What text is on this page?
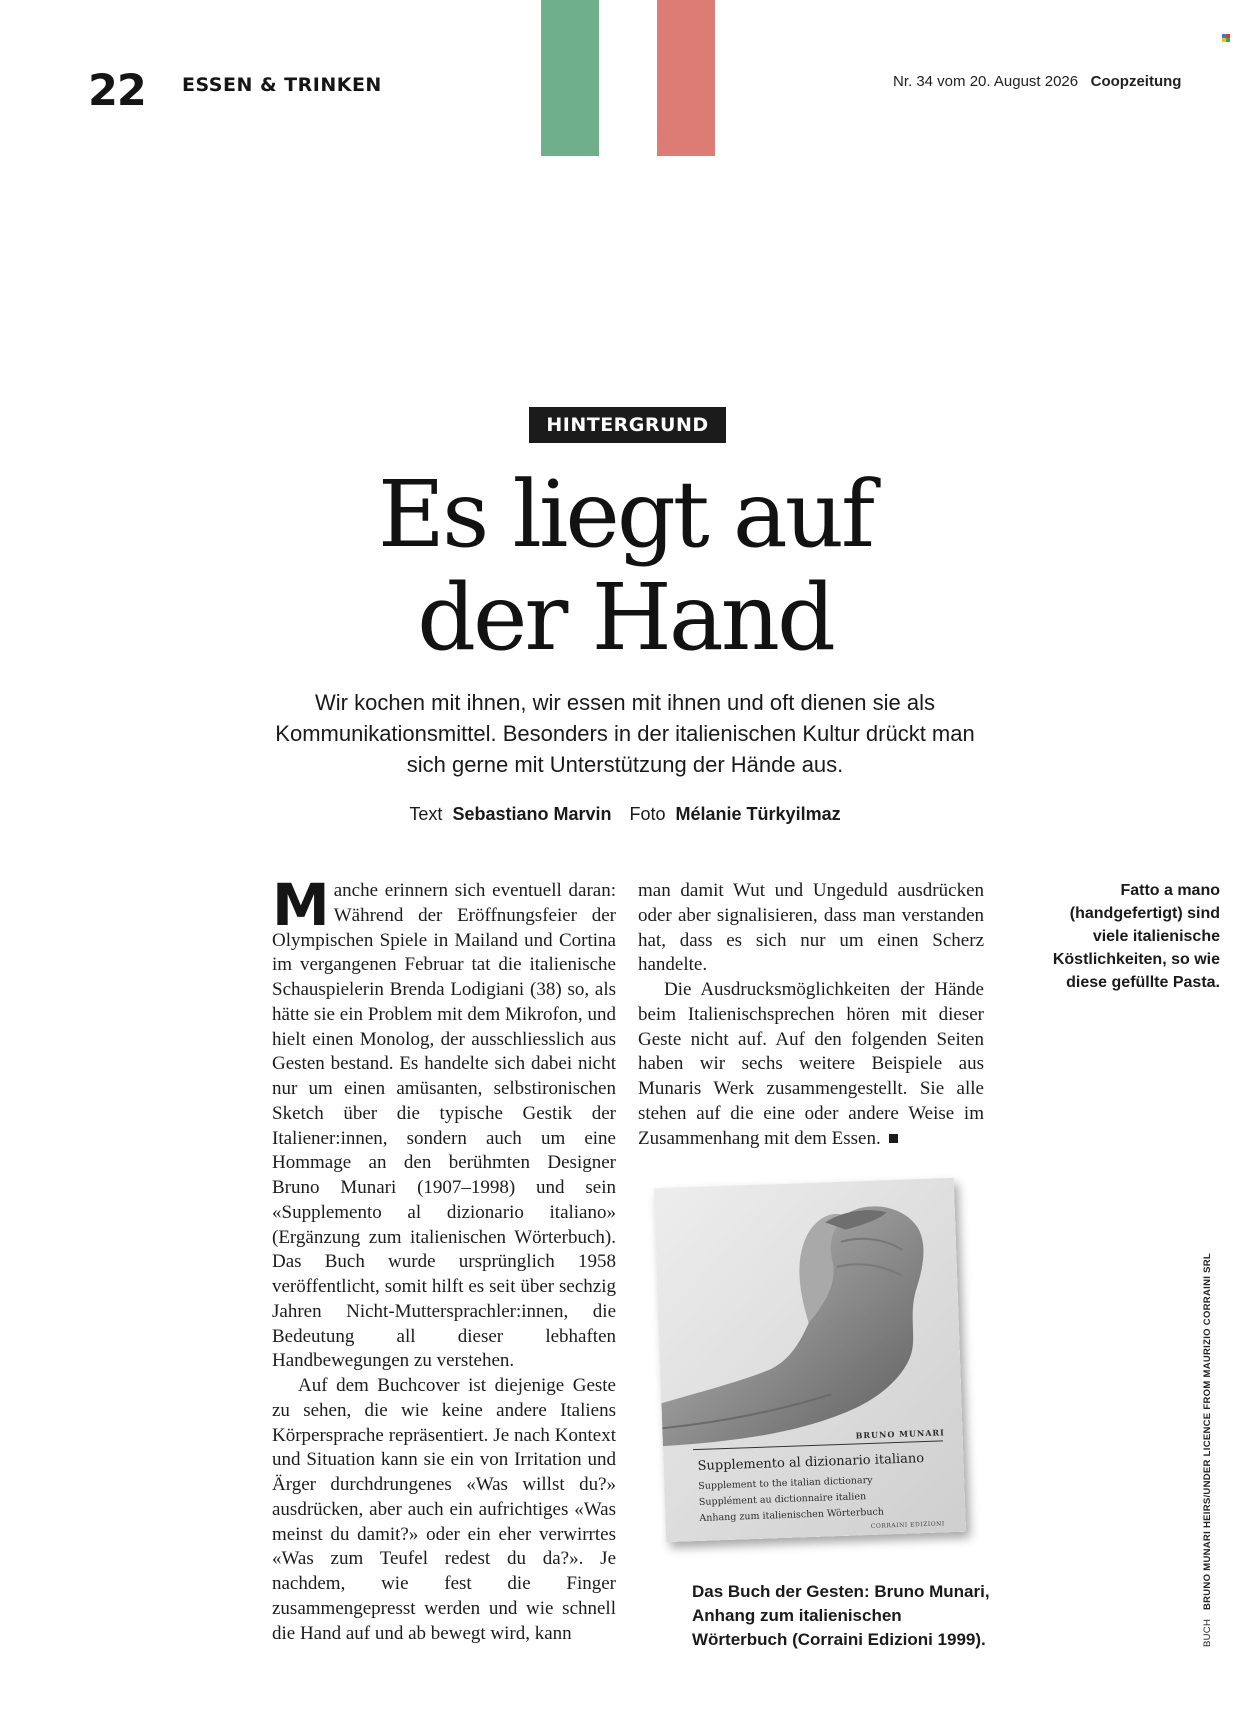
22 ESSEN & TRINKEN	Nr. 34 vom 20. August 2026 Coopzeitung
HINTERGRUND
Es liegt auf
der Hand
Wir kochen mit ihnen, wir essen mit ihnen und oft dienen sie als Kommunikationsmittel. Besonders in der italienischen Kultur drückt man sich gerne mit Unterstützung der Hände aus.
Text Sebastiano Marvin Foto Mélanie Türkyilmaz

Manche erinnern sich eventuell daran: Während der Eröffnungsfeier der Olympischen Spiele in Mailand und Cortina im vergangenen Februar tat die italienische Schauspielerin Brenda Lodigiani (38) so, als hätte sie ein Problem mit dem Mikrofon, und hielt einen Monolog, der ausschliesslich aus Gesten bestand. Es handelte sich dabei nicht nur um einen amüsanten, selbstironischen Sketch über die typische Gestik der Italiener:innen, sondern auch um eine Hommage an den berühmten Designer Bruno Munari (1907–1998) und sein «Supplemento al dizionario italiano» (Ergänzung zum italienischen Wörterbuch). Das Buch wurde ursprünglich 1958 veröffentlicht, somit hilft es seit über sechzig Jahren Nicht-Muttersprachler:innen, die Bedeutung all dieser lebhaften Handbewegungen zu verstehen.

Auf dem Buchcover ist diejenige Geste zu sehen, die wie keine andere Italiens Körpersprache repräsentiert. Je nach Kontext und Situation kann sie ein von Irritation und Ärger durchdrungenes «Was willst du?» ausdrücken, aber auch ein aufrichtiges «Was meinst du damit?» oder ein eher verwirrtes «Was zum Teufel redest du da?». Je nachdem, wie fest die Finger zusammengepresst werden und wie schnell die Hand auf und ab bewegt wird, kann

man damit Wut und Ungeduld ausdrücken oder aber signalisieren, dass man verstanden hat, dass es sich nur um einen Scherz handelte.

Die Ausdrucksmöglichkeiten der Hände beim Italienischsprechen hören mit dieser Geste nicht auf. Auf den folgenden Seiten haben wir sechs weitere Beispiele aus Munaris Werk zusammengestellt. Sie alle stehen auf die eine oder andere Weise im Zusammenhang mit dem Essen.

Fatto a mano (handgefertigt) sind viele italienische Köstlichkeiten, so wie diese gefüllte Pasta.
BRUNO MUNARI
Supplemento al dizionario italiano
Supplement to the italian dictionary
Supplément au dictionnaire italien
Anhang zum italienischen Wörterbuch
CORRAINI EDIZIONI
Das Buch der Gesten: Bruno Munari, Anhang zum italienischen Wörterbuch (Corraini Edizioni 1999).	BUCH   BRUNO MUNARI HEIRS/UNDER LICENCE FROM MAURIZIO CORRAINI SRL
